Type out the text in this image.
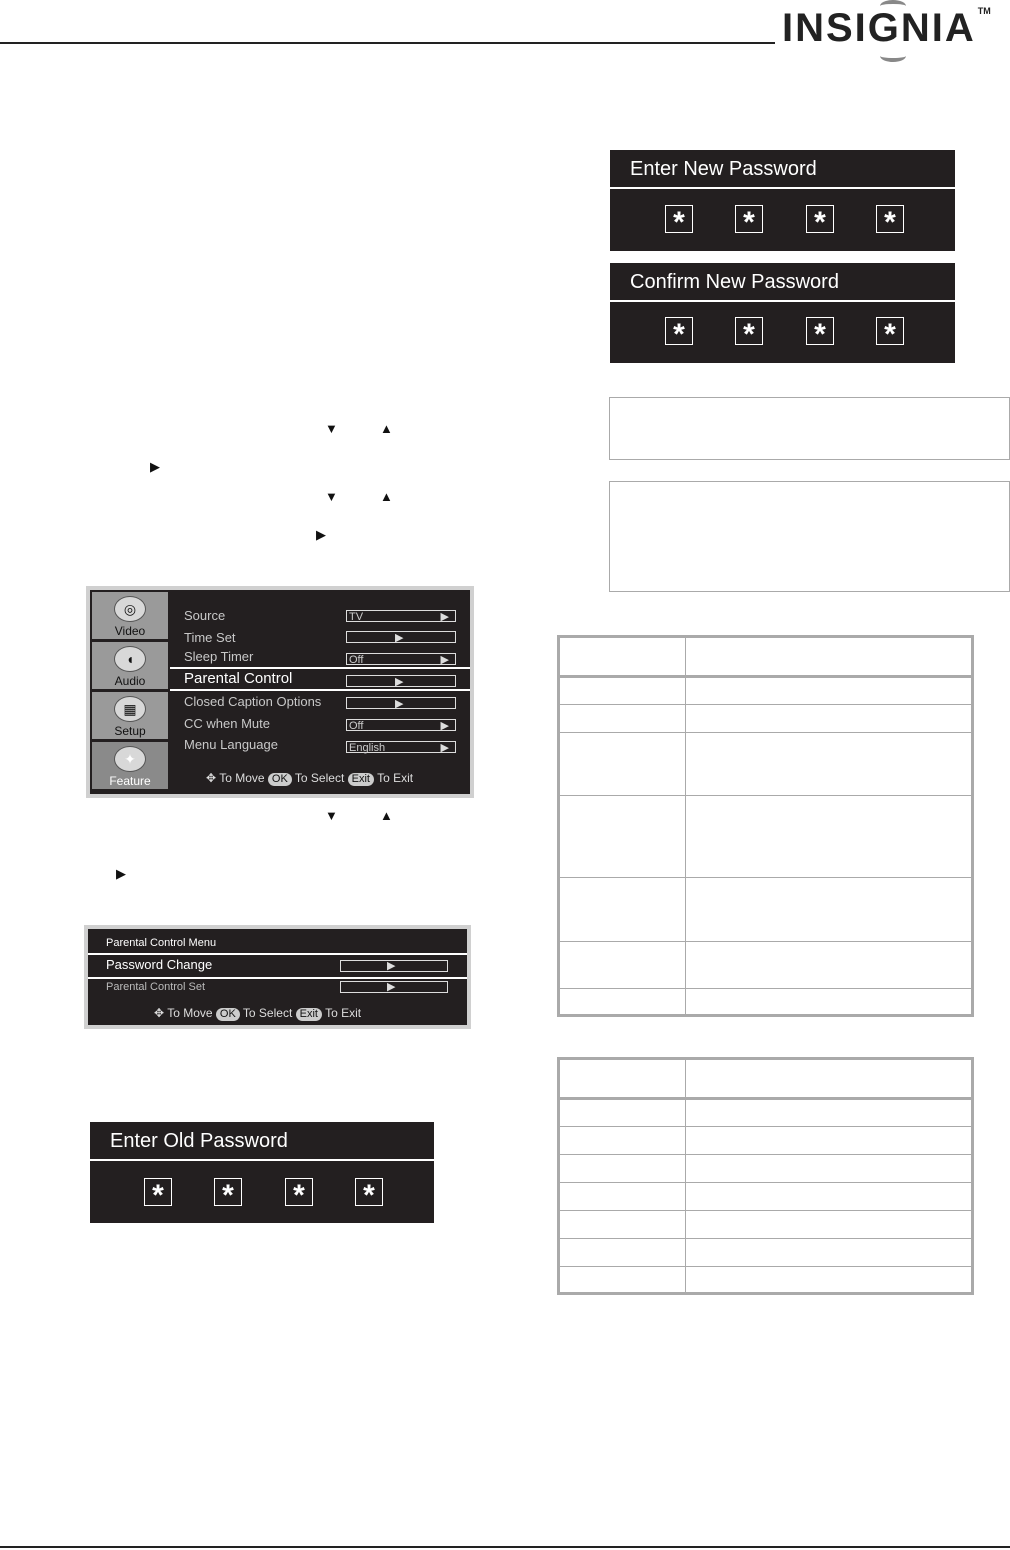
INSIGNIA ™
▼	▲
▶
▼	▲
▶
▼	▲
▶
◎
Video
◖
Audio
▦
Setup
✦
Feature
Source	TV	▶
Time Set	▶
Sleep Timer	Off	▶
Parental Control	▶
Closed Caption Options	▶
CC when Mute	Off	▶
Menu Language	English	▶
✥ To Move OK To Select Exit To Exit
Parental Control Menu
Password Change	▶
Parental Control Set	▶
✥ To Move OK To Select Exit To Exit
Enter Old Password
* * * *
Enter New Password
* * * *
Confirm New Password
* * * *
